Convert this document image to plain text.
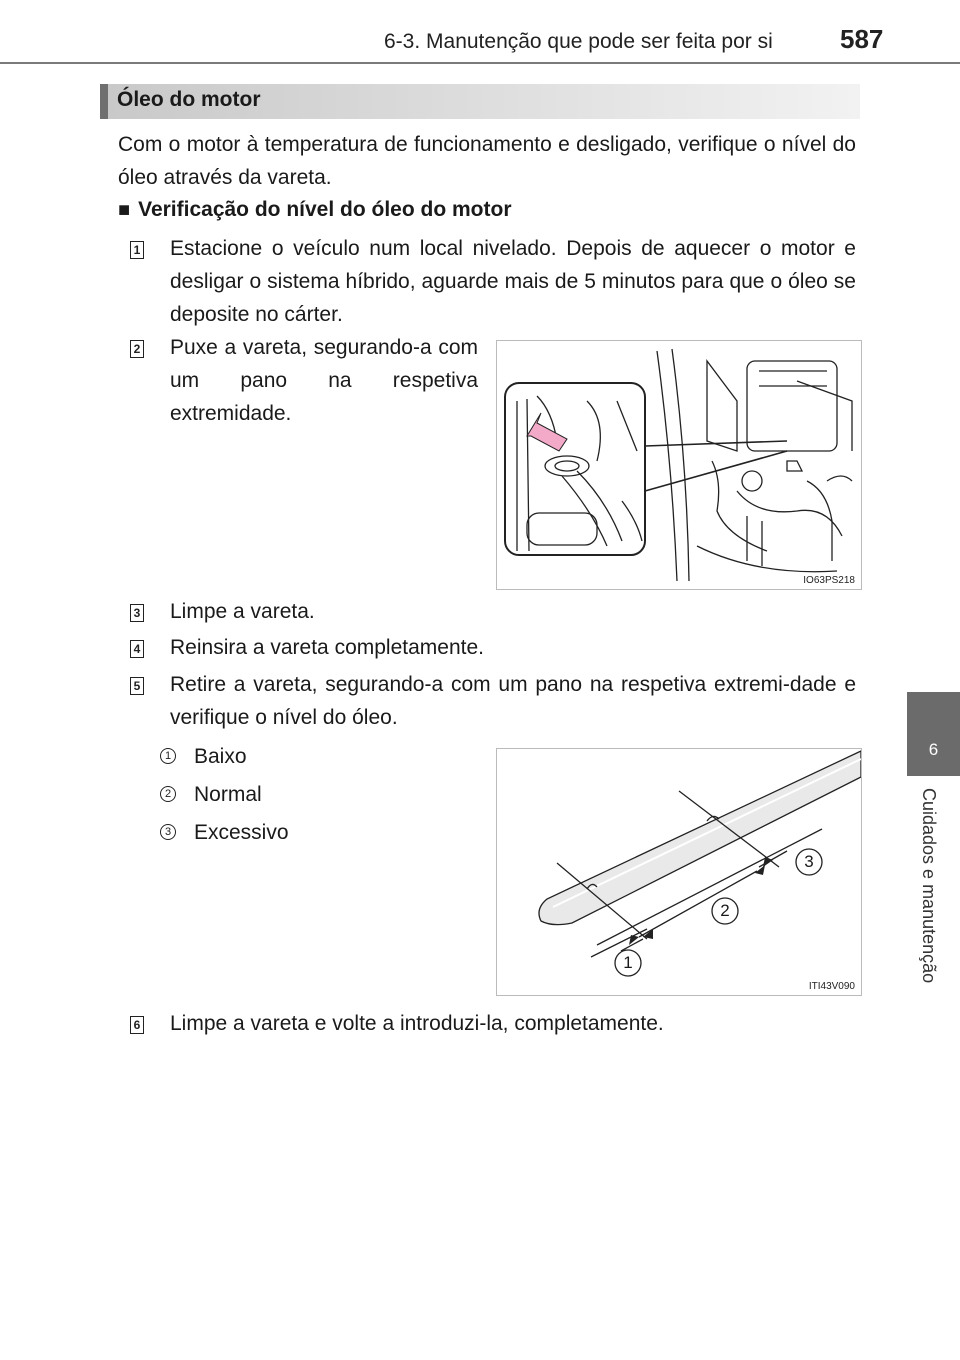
6-3. Manutenção que pode ser feita por si	587
6
Cuidados e manutenção
Óleo do motor
Com o motor à temperatura de funcionamento e desligado, verifique o nível do óleo através da vareta.
■ Verificação do nível do óleo do motor
1 Estacione o veículo num local nivelado. Depois de aquecer o motor e desligar o sistema híbrido, aguarde mais de 5 minutos para que o óleo se deposite no cárter.
2 Puxe a vareta, segurando-a com um pano na respetiva extremidade.
IO63PS218
3 Limpe a vareta.
4 Reinsira a vareta completamente.
5 Retire a vareta, segurando-a com um pano na respetiva extremi-dade e verifique o nível do óleo.
1 Baixo
2 Normal
3 Excessivo
1
2
3
ITI43V090
6 Limpe a vareta e volte a introduzi-la, completamente.
